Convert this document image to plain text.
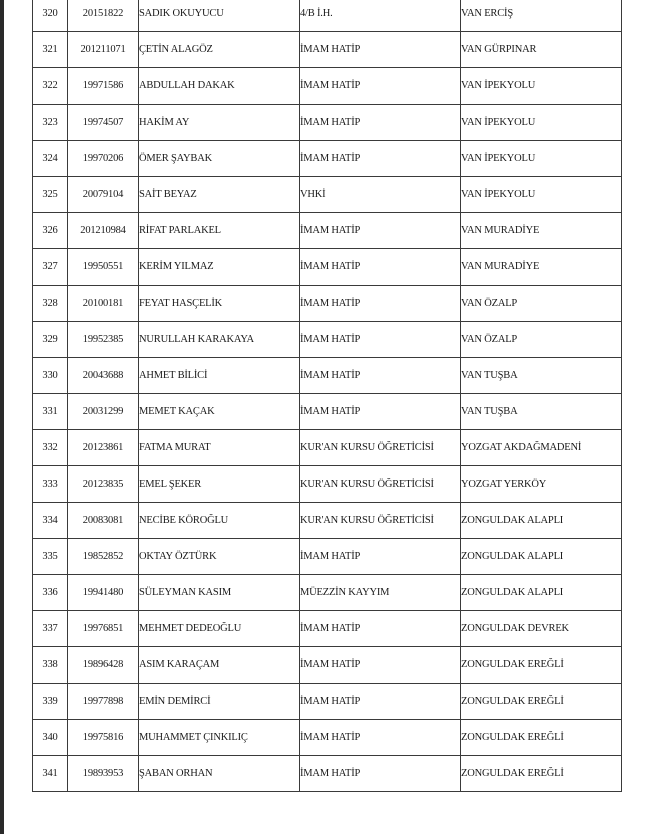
320	20151822	SADIK OKUYUCU	4/B İ.H.	VAN ERCİŞ
321	201211071	ÇETİN ALAGÖZ	İMAM HATİP	VAN GÜRPINAR
322	19971586	ABDULLAH DAKAK	İMAM HATİP	VAN İPEKYOLU
323	19974507	HAKİM AY	İMAM HATİP	VAN İPEKYOLU
324	19970206	ÖMER ŞAYBAK	İMAM HATİP	VAN İPEKYOLU
325	20079104	SAİT BEYAZ	VHKİ	VAN İPEKYOLU
326	201210984	RİFAT PARLAKEL	İMAM HATİP	VAN MURADİYE
327	19950551	KERİM YILMAZ	İMAM HATİP	VAN MURADİYE
328	20100181	FEYAT HASÇELİK	İMAM HATİP	VAN ÖZALP
329	19952385	NURULLAH KARAKAYA	İMAM HATİP	VAN ÖZALP
330	20043688	AHMET BİLİCİ	İMAM HATİP	VAN TUŞBA
331	20031299	MEMET KAÇAK	İMAM HATİP	VAN TUŞBA
332	20123861	FATMA MURAT	KUR'AN KURSU ÖĞRETİCİSİ	YOZGAT AKDAĞMADENİ
333	20123835	EMEL ŞEKER	KUR'AN KURSU ÖĞRETİCİSİ	YOZGAT YERKÖY
334	20083081	NECİBE KÖROĞLU	KUR'AN KURSU ÖĞRETİCİSİ	ZONGULDAK ALAPLI
335	19852852	OKTAY ÖZTÜRK	İMAM HATİP	ZONGULDAK ALAPLI
336	19941480	SÜLEYMAN KASIM	MÜEZZİN KAYYIM	ZONGULDAK ALAPLI
337	19976851	MEHMET DEDEOĞLU	İMAM HATİP	ZONGULDAK DEVREK
338	19896428	ASIM KARAÇAM	İMAM HATİP	ZONGULDAK EREĞLİ
339	19977898	EMİN DEMİRCİ	İMAM HATİP	ZONGULDAK EREĞLİ
340	19975816	MUHAMMET ÇINKILIÇ	İMAM HATİP	ZONGULDAK EREĞLİ
341	19893953	ŞABAN ORHAN	İMAM HATİP	ZONGULDAK EREĞLİ
